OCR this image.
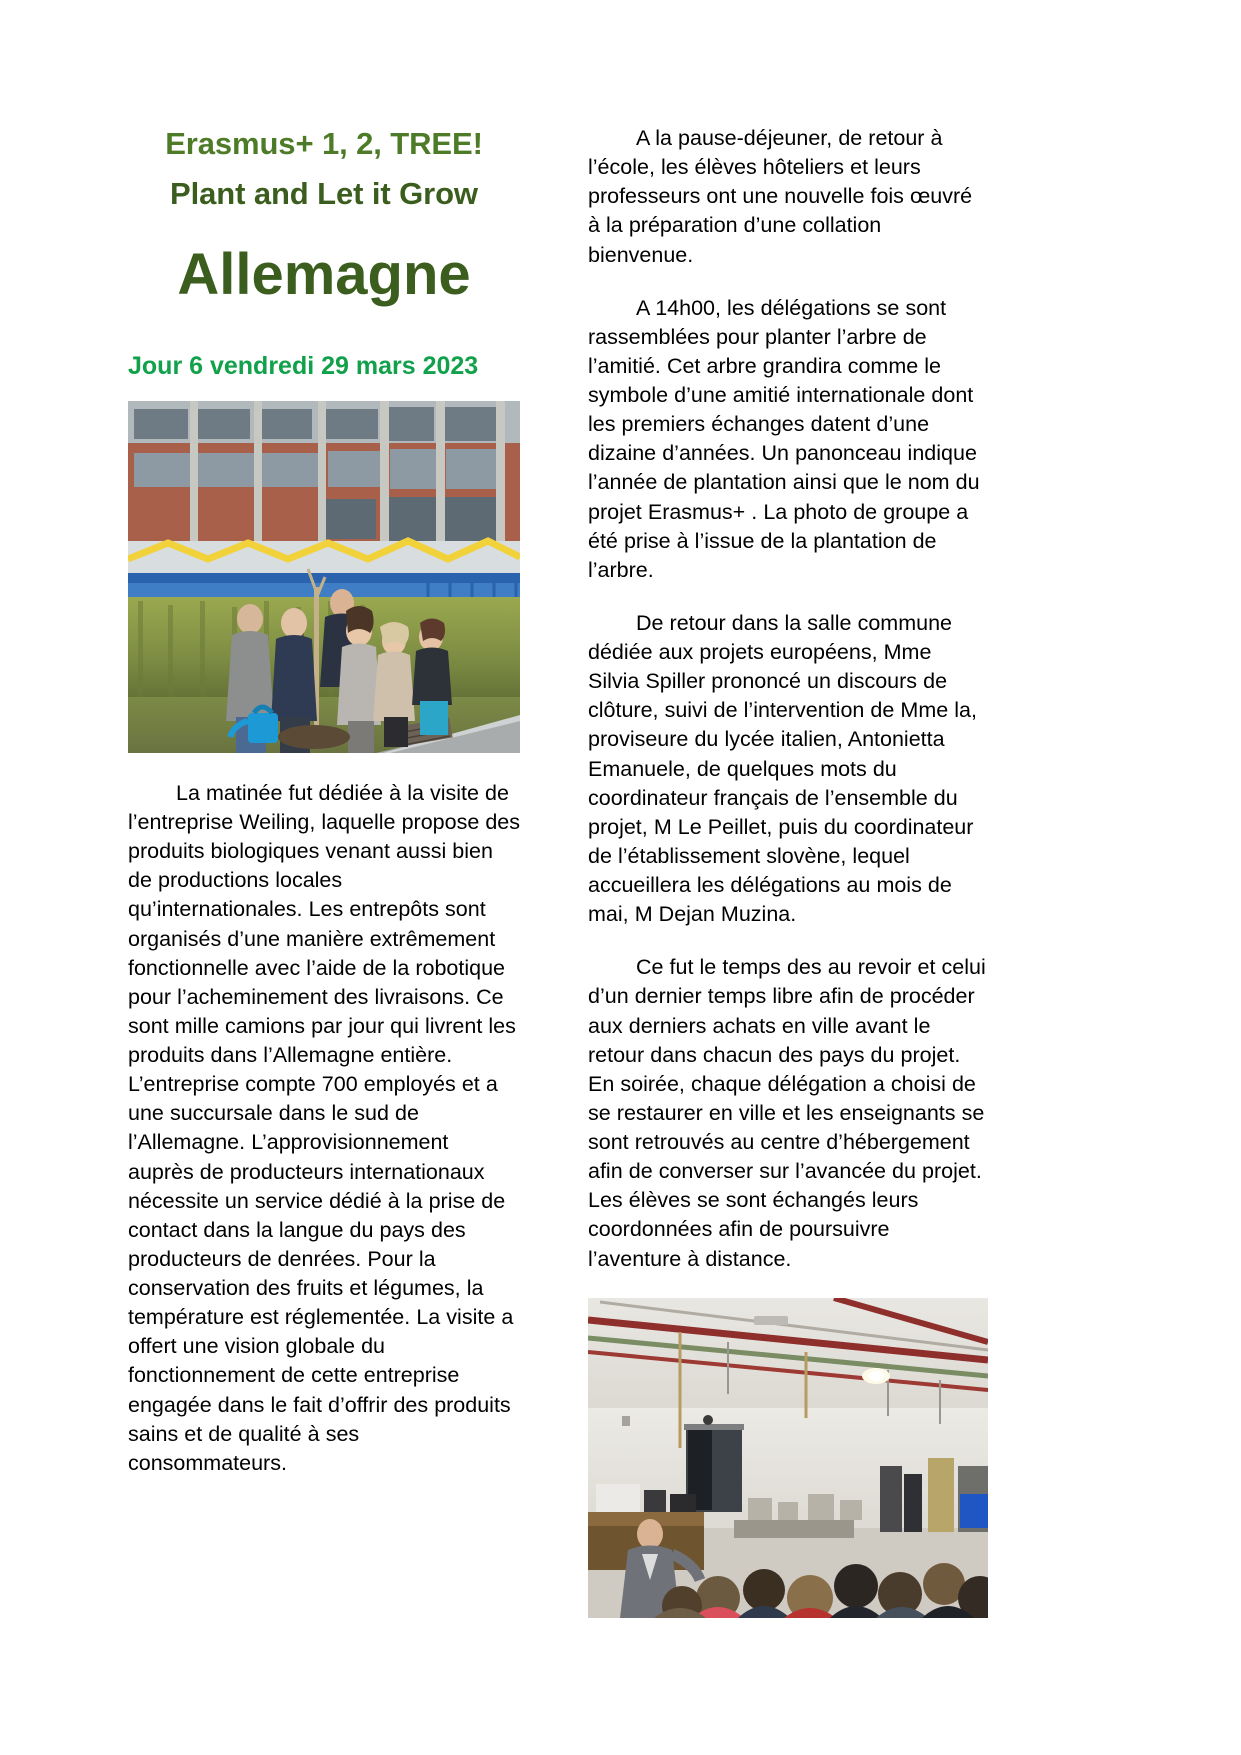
Erasmus+ 1, 2, TREE!
Plant and Let it Grow
Allemagne
Jour 6 vendredi 29 mars 2023

La matinée fut dédiée à la visite de l’entreprise Weiling, laquelle propose des produits biologiques venant aussi bien de productions locales qu’internationales. Les entrepôts sont organisés d’une manière extrêmement fonctionnelle avec l’aide de la robotique pour l’acheminement des livraisons. Ce sont mille camions par jour qui livrent les produits dans l’Allemagne entière. L’entreprise compte 700 employés et a une succursale dans le sud de l’Allemagne. L’approvisionnement auprès de producteurs internationaux nécessite un service dédié à la prise de contact dans la langue du pays des producteurs de denrées. Pour la conservation des fruits et légumes, la température est réglementée. La visite a offert une vision globale du fonctionnement de cette entreprise engagée dans le fait d’offrir des produits sains et de qualité à ses consommateurs.

A la pause-déjeuner, de retour à l’école, les élèves hôteliers et leurs professeurs ont une nouvelle fois œuvré à la préparation d’une collation bienvenue.

A 14h00, les délégations se sont rassemblées pour planter l’arbre de l’amitié. Cet arbre grandira comme le symbole d’une amitié internationale dont les premiers échanges datent d’une dizaine d’années. Un panonceau indique l’année de plantation ainsi que le nom du projet Erasmus+ . La photo de groupe a été prise à l’issue de la plantation de l’arbre.

De retour dans la salle commune dédiée aux projets européens, Mme Silvia Spiller prononcé un discours de clôture, suivi de l’intervention de Mme la, proviseure du lycée italien, Antonietta Emanuele, de quelques mots du coordinateur français de l’ensemble du projet, M Le Peillet, puis du coordinateur de l’établissement slovène, lequel accueillera les délégations au mois de mai, M Dejan Muzina.

Ce fut le temps des au revoir et celui d’un dernier temps libre afin de procéder aux derniers achats en ville avant le retour dans chacun des pays du projet. En soirée, chaque délégation a choisi de se restaurer en ville et les enseignants se sont retrouvés au centre d’hébergement afin de converser sur l’avancée du projet. Les élèves se sont échangés leurs coordonnées afin de poursuivre l’aventure à distance.
